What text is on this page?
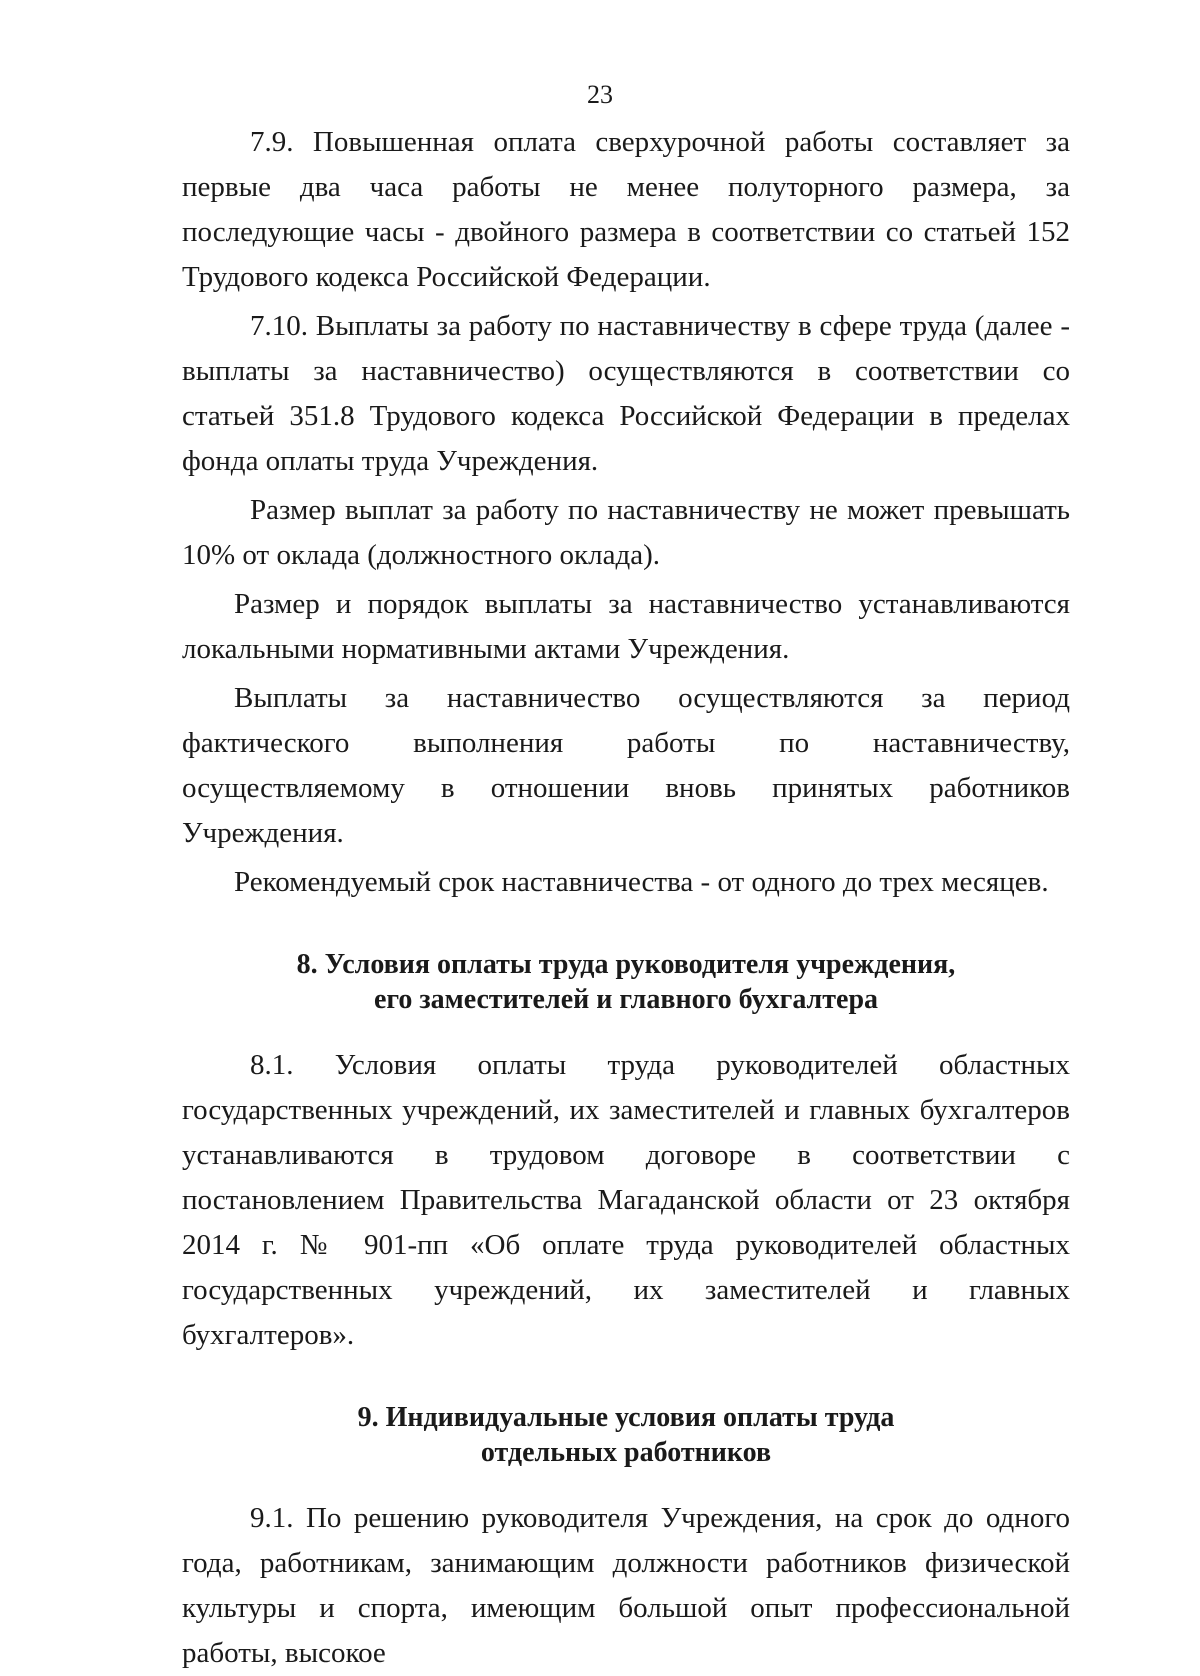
23

7.9. Повышенная оплата сверхурочной работы составляет за первые два часа работы не менее полуторного размера, за последующие часы - двойного размера в соответствии со статьей 152 Трудового кодекса Российской Федерации.

7.10. Выплаты за работу по наставничеству в сфере труда (далее - выплаты за наставничество) осуществляются в соответствии со статьей 351.8 Трудового кодекса Российской Федерации в пределах фонда оплаты труда Учреждения.

Размер выплат за работу по наставничеству не может превышать 10% от оклада (должностного оклада).

Размер и порядок выплаты за наставничество устанавливаются локальными нормативными актами Учреждения.

Выплаты за наставничество осуществляются за период фактического выполнения работы по наставничеству, осуществляемому в отношении вновь принятых работников Учреждения.

Рекомендуемый срок наставничества - от одного до трех месяцев.

8. Условия оплаты труда руководителя учреждения,
его заместителей и главного бухгалтера

8.1. Условия оплаты труда руководителей областных государственных учреждений, их заместителей и главных бухгалтеров устанавливаются в трудовом договоре в соответствии с постановлением Правительства Магаданской области от 23 октября 2014 г. № 901-пп «Об оплате труда руководителей областных государственных учреждений, их заместителей и главных бухгалтеров».

9. Индивидуальные условия оплаты труда
отдельных работников

9.1. По решению руководителя Учреждения, на срок до одного года, работникам, занимающим должности работников физической культуры и спорта, имеющим большой опыт профессиональной работы, высокое
